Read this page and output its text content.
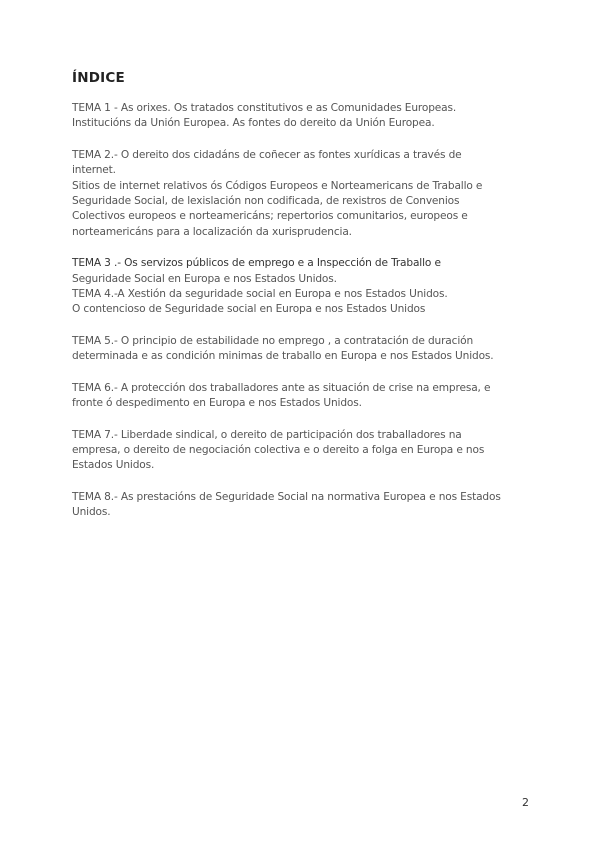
ÍNDICE
TEMA 1 - As orixes. Os tratados constitutivos e as Comunidades Europeas.
Institucións da Unión Europea. As fontes do dereito da Unión Europea.
TEMA 2.- O dereito dos cidadáns de coñecer as fontes xurídicas a través de
internet.
Sitios de internet relativos ós Códigos Europeos e Norteamericans de Traballo e
Seguridade Social, de lexislación non codificada, de rexistros de Convenios
Colectivos europeos e norteamericáns; repertorios comunitarios, europeos e
norteamericáns para a localización da xurisprudencia.
TEMA 3 .- Os servizos públicos de emprego e a Inspección de Traballo e
Seguridade Social en Europa e nos Estados Unidos.
TEMA 4.-A Xestión da seguridade social en Europa e nos Estados Unidos.
O contencioso de Seguridade social en Europa e nos Estados Unidos
TEMA 5.- O principio de estabilidade no emprego , a contratación de duración
determinada e as condición minimas de traballo en Europa e nos Estados Unidos.
TEMA 6.- A protección dos traballadores ante as situación de crise na empresa, e
fronte ó despedimento en Europa e nos Estados Unidos.
TEMA 7.- Liberdade sindical, o dereito de participación dos traballadores na
empresa, o dereito de negociación colectiva e o dereito a folga en Europa e nos
Estados Unidos.
TEMA 8.- As prestacións de Seguridade Social na normativa Europea e nos Estados
Unidos.
2
